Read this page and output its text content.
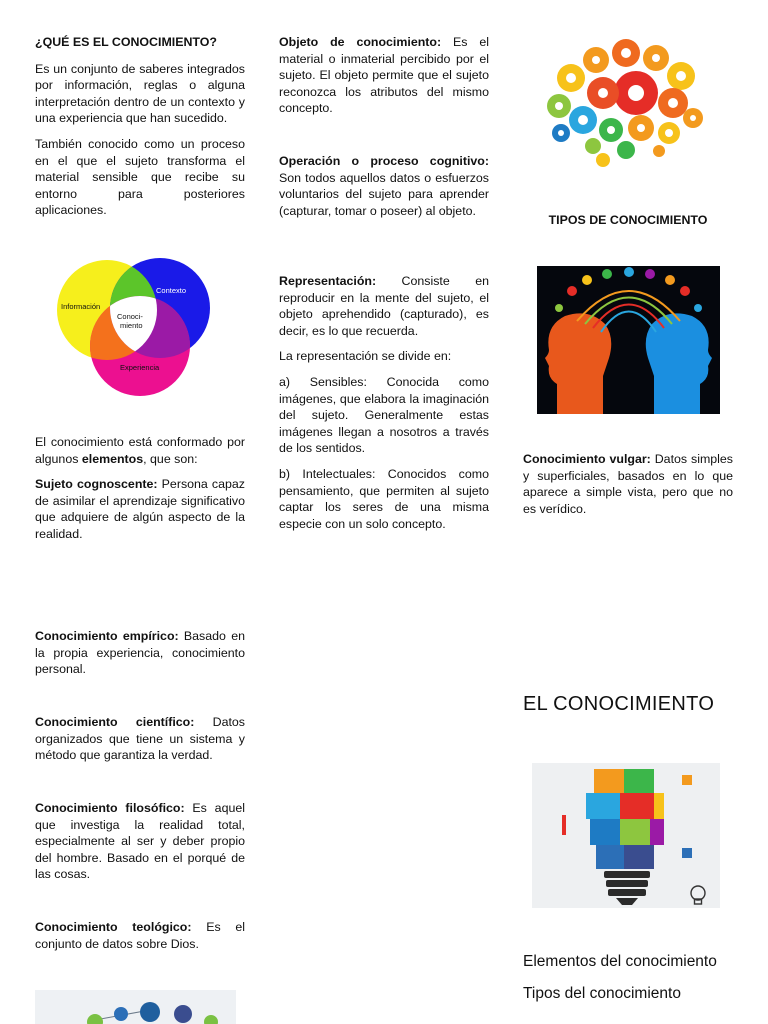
¿QUÉ ES EL CONOCIMIENTO?

Es un conjunto de saberes integrados por información, reglas o alguna interpretación dentro de un contexto y una experiencia que han sucedido.

También conocido como un proceso en el que el sujeto transforma el material sensible que recibe su entorno para posteriores aplicaciones.

Información
Contexto
Experiencia
Conoci-
miento

El conocimiento está conformado por algunos elementos, que son:

Sujeto cognoscente: Persona capaz de asimilar el aprendizaje significativo que adquiere de algún aspecto de la realidad.

Conocimiento empírico: Basado en la propia experiencia, conocimiento personal.

Conocimiento científico: Datos organizados que tiene un sistema y método que garantiza la verdad.

Conocimiento filosófico: Es aquel que investiga la realidad total, especialmente al ser y deber propio del hombre. Basado en el porqué de las cosas.

Conocimiento teológico: Es el conjunto de datos sobre Dios.

Objeto de conocimiento: Es el material o inmaterial percibido por el sujeto. El objeto permite que el sujeto reconozca los atributos del mismo concepto.

Operación o proceso cognitivo: Son todos aquellos datos o esfuerzos voluntarios del sujeto para aprender (capturar, tomar o poseer) al objeto.

Representación: Consiste en reproducir en la mente del sujeto, el objeto aprehendido (capturado), es decir, es lo que recuerda.

La representación se divide en:

a) Sensibles: Conocida como imágenes, que elabora la imaginación del sujeto. Generalmente estas imágenes llegan a nosotros a través de los sentidos.

b) Intelectuales: Conocidos como pensamiento, que permiten al sujeto captar los seres de una misma especie con un solo concepto.

TIPOS DE CONOCIMIENTO

Conocimiento vulgar: Datos simples y superficiales, basados en lo que aparece a simple vista, pero que no es verídico.

EL CONOCIMIENTO
Elementos del conocimiento
Tipos del conocimiento
